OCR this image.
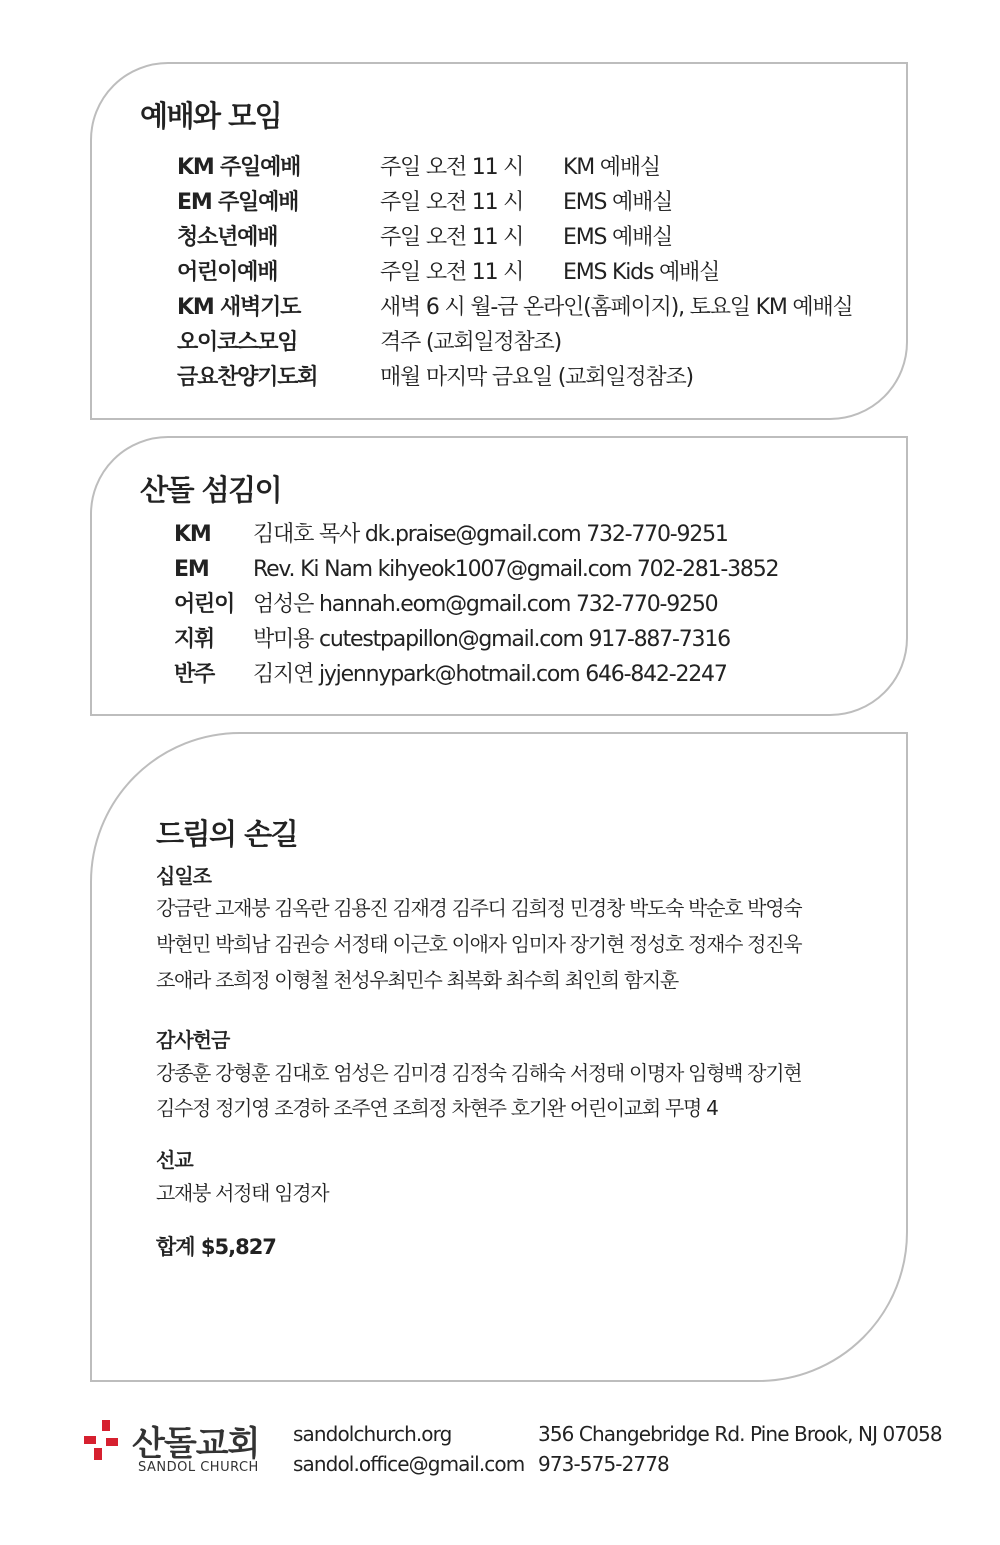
예배와 모임
KM 주일예배	주일 오전 11 시 KM 예배실
EM 주일예배	주일 오전 11 시 EMS 예배실
청소년예배	주일 오전 11 시 EMS 예배실
어린이예배	주일 오전 11 시 EMS Kids 예배실
KM 새벽기도	새벽 6 시 월-금 온라인(홈페이지), 토요일 KM 예배실
오이코스모임	격주 (교회일정참조)
금요찬양기도회	매월 마지막 금요일 (교회일정참조)
산돌 섬김이
KM 김대호 목사 dk.praise@gmail.com 732-770-9251
EM Rev. Ki Nam kihyeok1007@gmail.com 702-281-3852
어린이 엄성은 hannah.eom@gmail.com 732-770-9250
지휘 박미용 cutestpapillon@gmail.com 917-887-7316
반주 김지연 jyjennypark@hotmail.com 646-842-2247
드림의 손길
십일조
강금란 고재붕 김옥란 김용진 김재경 김주디 김희정 민경창 박도숙 박순호 박영숙
박현민 박희남 김권승 서정태 이근호 이애자 임미자 장기현 정성호 정재수 정진욱
조애라 조희정 이형철 천성우최민수 최복화 최수희 최인희 함지훈
감사헌금
강종훈 강형훈 김대호 엄성은 김미경 김정숙 김해숙 서정태 이명자 임형백 장기현
김수정 정기영 조경하 조주연 조희정 차현주 호기완 어린이교회 무명 4
선교
고재붕 서정태 임경자
합계 $5,827
산돌교회
SANDOL CHURCH
sandolchurch.org
sandol.office@gmail.com
356 Changebridge Rd. Pine Brook, NJ 07058
973-575-2778
